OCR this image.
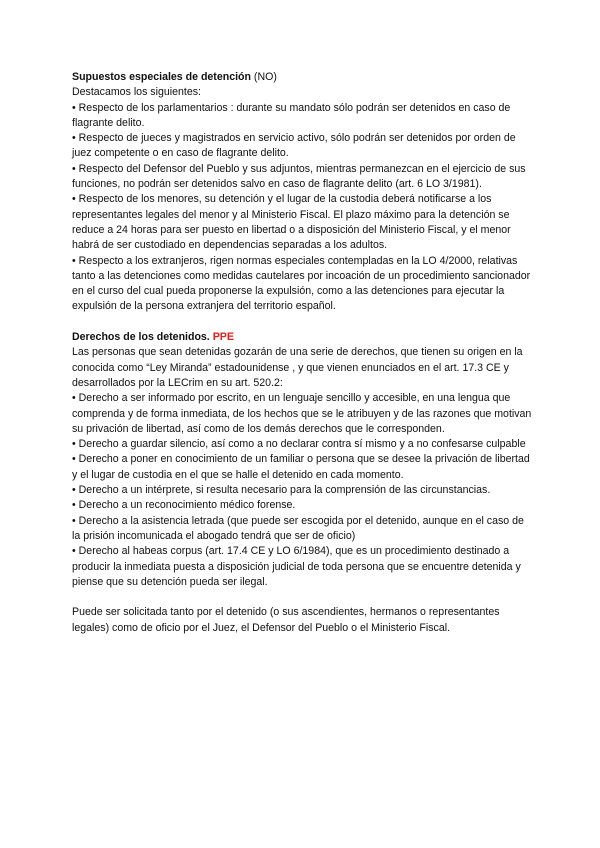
Supuestos especiales de detención (NO)

Destacamos los siguientes:

• Respecto de los parlamentarios : durante su mandato sólo podrán ser detenidos en caso de flagrante delito.

• Respecto de jueces y magistrados en servicio activo, sólo podrán ser detenidos por orden de juez competente o en caso de flagrante delito.

• Respecto del Defensor del Pueblo y sus adjuntos, mientras permanezcan en el ejercicio de sus funciones, no podrán ser detenidos salvo en caso de flagrante delito (art. 6 LO 3/1981).

• Respecto de los menores, su detención y el lugar de la custodia deberá notificarse a los representantes legales del menor y al Ministerio Fiscal. El plazo máximo para la detención se reduce a 24 horas para ser puesto en libertad o a disposición del Ministerio Fiscal, y el menor habrá de ser custodiado en dependencias separadas a los adultos.

• Respecto a los extranjeros, rigen normas especiales contempladas en la LO 4/2000, relativas tanto a las detenciones como medidas cautelares por incoación de un procedimiento sancionador en el curso del cual pueda proponerse la expulsión, como a las detenciones para ejecutar la expulsión de la persona extranjera del territorio español.

Derechos de los detenidos. PPE

Las personas que sean detenidas gozarán de una serie de derechos, que tienen su origen en la conocida como “Ley Miranda” estadounidense , y que vienen enunciados en el art. 17.3 CE y desarrollados por la LECrim en su art. 520.2:

• Derecho a ser informado por escrito, en un lenguaje sencillo y accesible, en una lengua que comprenda y de forma inmediata, de los hechos que se le atribuyen y de las razones que motivan su privación de libertad, así como de los demás derechos que le corresponden.

• Derecho a guardar silencio, así como a no declarar contra sí mismo y a no confesarse culpable

• Derecho a poner en conocimiento de un familiar o persona que se desee la privación de libertad y el lugar de custodia en el que se halle el detenido en cada momento.

• Derecho a un intérprete, si resulta necesario para la comprensión de las circunstancias.

• Derecho a un reconocimiento médico forense.

• Derecho a la asistencia letrada (que puede ser escogida por el detenido, aunque en el caso de la prisión incomunicada el abogado tendrá que ser de oficio)

• Derecho al habeas corpus (art. 17.4 CE y LO 6/1984), que es un procedimiento destinado a producir la inmediata puesta a disposición judicial de toda persona que se encuentre detenida y piense que su detención pueda ser ilegal.

Puede ser solicitada tanto por el detenido (o sus ascendientes, hermanos o representantes legales) como de oficio por el Juez, el Defensor del Pueblo o el Ministerio Fiscal.
